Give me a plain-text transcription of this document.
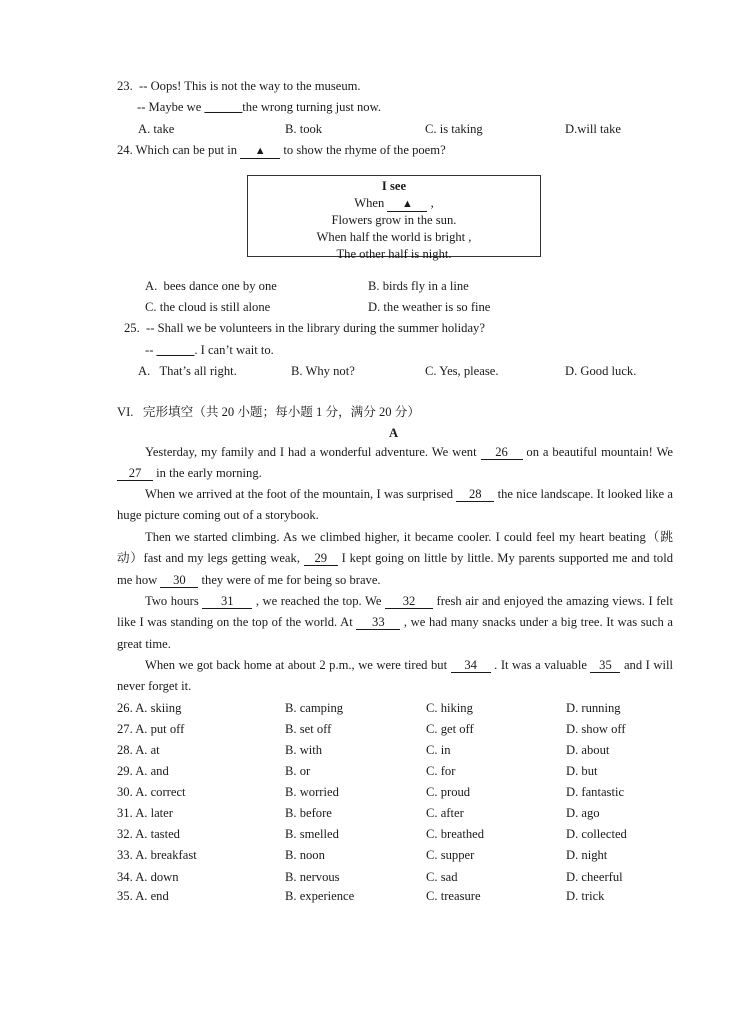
23.  -- Oops! This is not the way to the museum.
-- Maybe we ______the wrong turning just now.
A. take	B. took	C. is taking	D.will take
24. Which can be put in ▲ to show the rhyme of the poem?
I see
When ▲ ,
Flowers grow in the sun.
When half the world is bright ,
The other half is night.
A.  bees dance one by one	B. birds fly in a line
C. the cloud is still alone	D. the weather is so fine
25.  -- Shall we be volunteers in the library during the summer holiday?
-- ______. I can’t wait to.
A.   That’s all right.	B. Why not?	C. Yes, please.	D. Good luck.
VI.   完形填空（共 20 小题；每小题 1 分，满分 20 分）
A
Yesterday, my family and I had a wonderful adventure. We went 26 on a beautiful mountain! We 27 in the early morning.
When we arrived at the foot of the mountain, I was surprised 28 the nice landscape. It looked like a huge picture coming out of a storybook.
Then we started climbing. As we climbed higher, it became cooler. I could feel my heart beating（跳动）fast and my legs getting weak, 29 I kept going on little by little. My parents supported me and told me how 30 they were of me for being so brave.
Two hours 31 , we reached the top. We 32 fresh air and enjoyed the amazing views. I felt like I was standing on the top of the world. At 33 , we had many snacks under a big tree. It was such a great time.
When we got back home at about 2 p.m., we were tired but 34 . It was a valuable 35 and I will never forget it.
26. A. skiing	B. camping	C. hiking	D. running
27. A. put off	B. set off	C. get off	D. show off
28. A. at	B. with	C. in	D. about
29. A. and	B. or	C. for	D. but
30. A. correct	B. worried	C. proud	D. fantastic
31. A. later	B. before	C. after	D. ago
32. A. tasted	B. smelled	C. breathed	D. collected
33. A. breakfast	B. noon	C. supper	D. night
34. A. down	B. nervous	C. sad	D. cheerful
35. A. end	B. experience	C. treasure	D. trick
